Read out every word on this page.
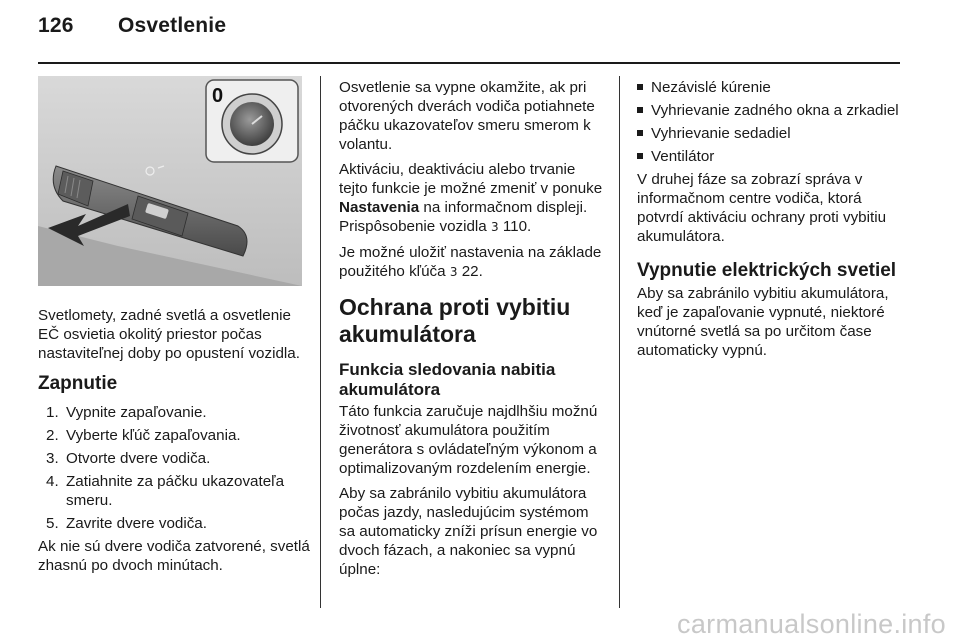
126 Osvetlenie
0

Svetlomety, zadné svetlá a osvetlenie EČ osvietia okolitý priestor počas nastaviteľnej doby po opustení vozidla.

Zapnutie
1. Vypnite zapaľovanie.
2. Vyberte kľúč zapaľovania.
3. Otvorte dvere vodiča.
4. Zatiahnite za páčku ukazovateľa smeru.
5. Zavrite dvere vodiča.

Ak nie sú dvere vodiča zatvorené, svetlá zhasnú po dvoch minútach.

Osvetlenie sa vypne okamžite, ak pri otvorených dverách vodiča potiahnete páčku ukazovateľov smeru smerom k volantu.

Aktiváciu, deaktiváciu alebo trvanie tejto funkcie je možné zmeniť v ponuke Nastavenia na informačnom displeji. Prispôsobenie vozidla 3 110.

Je možné uložiť nastavenia na základe použitého kľúča 3 22.

Ochrana proti vybitiu akumulátora
Funkcia sledovania nabitia akumulátora

Táto funkcia zaručuje najdlhšiu možnú životnosť akumulátora použitím generátora s ovládateľným výkonom a optimalizovaným rozdelením energie.

Aby sa zabránilo vybitiu akumulátora počas jazdy, nasledujúcim systémom sa automaticky zníži prísun energie vo dvoch fázach, a nakoniec sa vypnú úplne:

Nezávislé kúrenie
Vyhrievanie zadného okna a zrkadiel
Vyhrievanie sedadiel
Ventilátor

V druhej fáze sa zobrazí správa v informačnom centre vodiča, ktorá potvrdí aktiváciu ochrany proti vybitiu akumulátora.

Vypnutie elektrických svetiel

Aby sa zabránilo vybitiu akumulátora, keď je zapaľovanie vypnuté, niektoré vnútorné svetlá sa po určitom čase automaticky vypnú.

carmanualsonline.info
